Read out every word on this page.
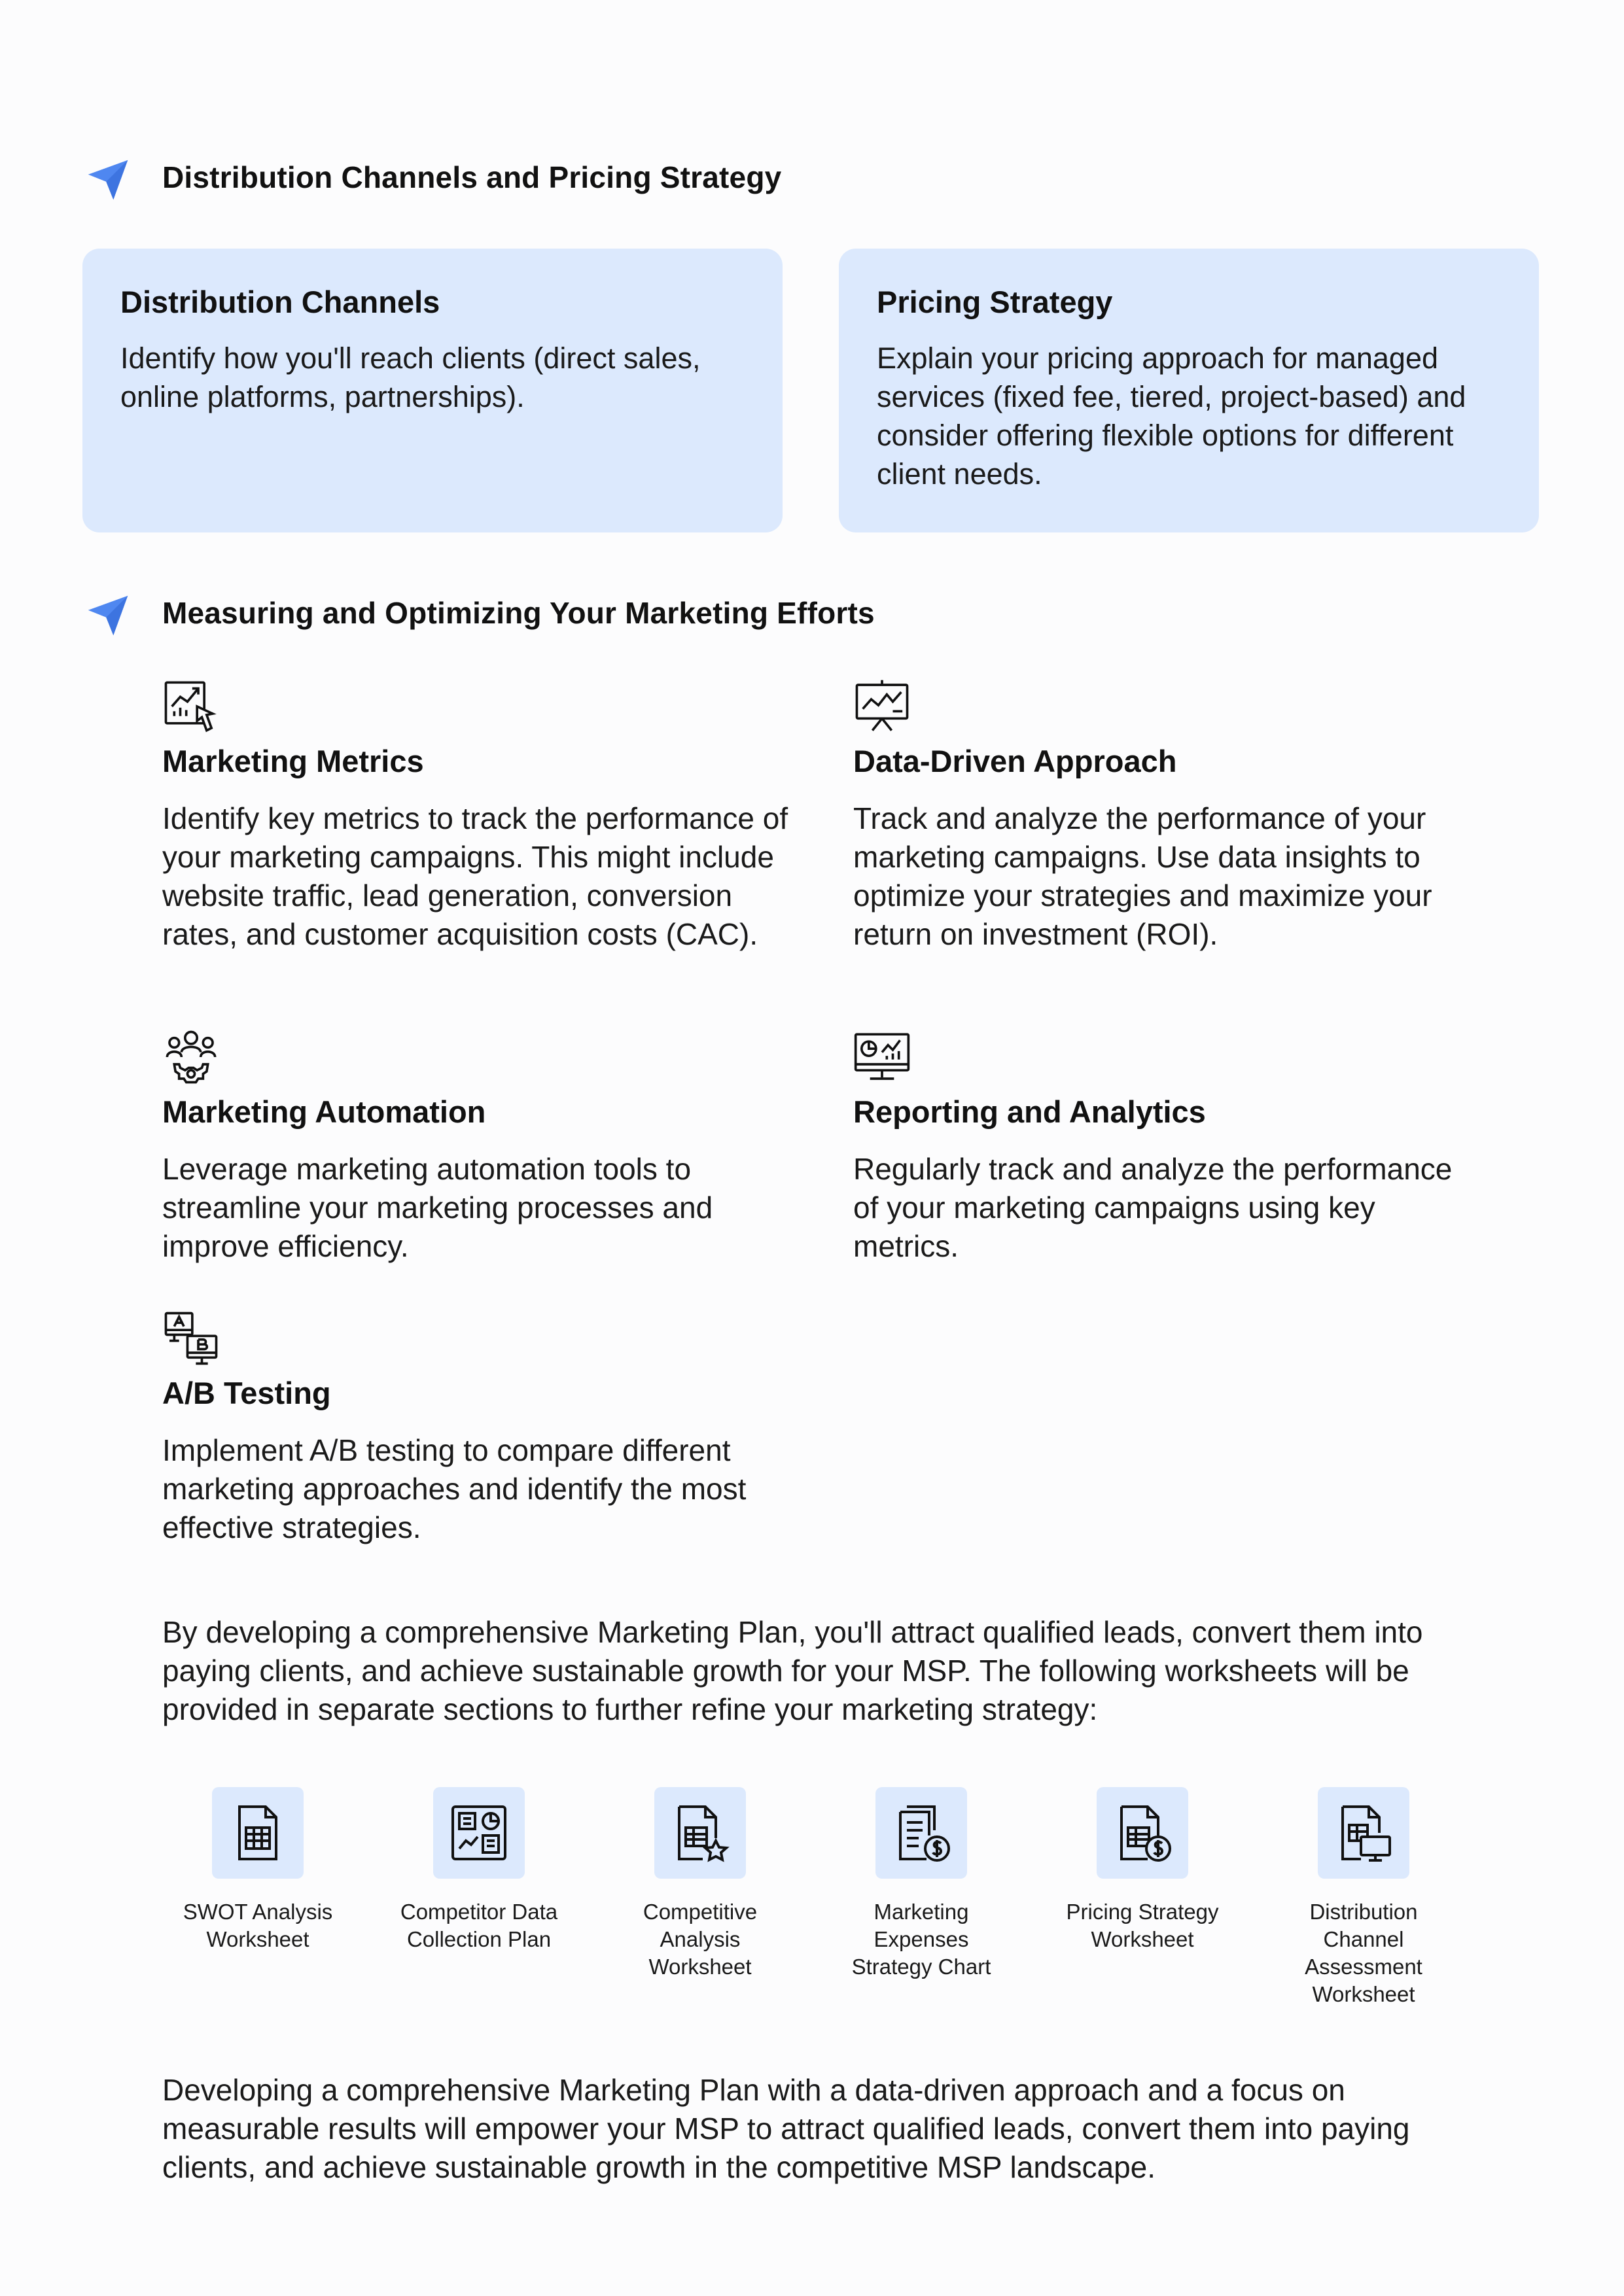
Distribution Channels and Pricing Strategy
Distribution Channels
Identify how you'll reach clients (direct sales, online platforms, partnerships).
Pricing Strategy
Explain your pricing approach for managed services (fixed fee, tiered, project-based) and consider offering flexible options for different client needs.
Measuring and Optimizing Your Marketing Efforts
Marketing Metrics
Identify key metrics to track the performance of your marketing campaigns. This might include website traffic, lead generation, conversion rates, and customer acquisition costs (CAC).
Data-Driven Approach
Track and analyze the performance of your marketing campaigns. Use data insights to optimize your strategies and maximize your return on investment (ROI).
Marketing Automation
Leverage marketing automation tools to streamline your marketing processes and improve efficiency.
Reporting and Analytics
Regularly track and analyze the performance of your marketing campaigns using key metrics.
A/B Testing
Implement A/B testing to compare different marketing approaches and identify the most effective strategies.
By developing a comprehensive Marketing Plan, you'll attract qualified leads, convert them into paying clients, and achieve sustainable growth for your MSP. The following worksheets will be provided in separate sections to further refine your marketing strategy:
SWOT Analysis
Worksheet
Competitor Data
Collection Plan
Competitive
Analysis
Worksheet
Marketing
Expenses
Strategy Chart
Pricing Strategy
Worksheet
Distribution
Channel
Assessment
Worksheet
Developing a comprehensive Marketing Plan with a data-driven approach and a focus on measurable results will empower your MSP to attract qualified leads, convert them into paying clients, and achieve sustainable growth in the competitive MSP landscape.
